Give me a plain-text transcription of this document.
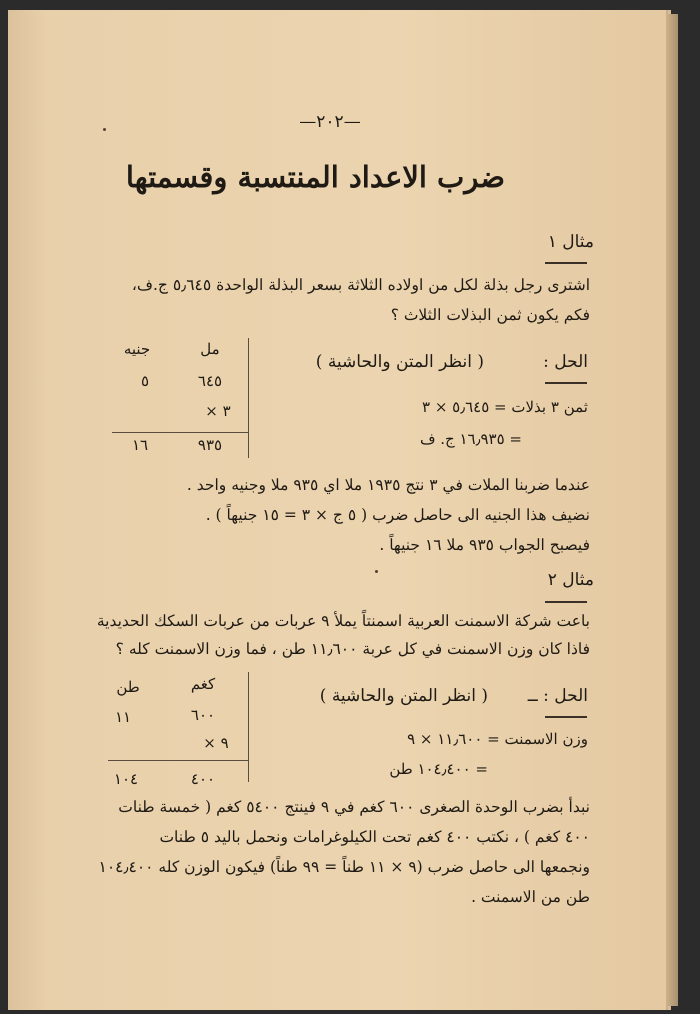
—٢٠٢—
ضرب الاعداد المنتسبة وقسمتها
مثال ١
اشترى رجل بذلة لكل من اولاده الثلاثة بسعر البذلة الواحدة ٥٫٦٤٥ ج.ف،
فكم يكون ثمن البذلات الثلاث ؟
مل
جنيه
٦٤٥
٥
× ٣
٩٣٥
١٦
الحل :
( انظر المتن والحاشية )
ثمن ٣ بذلات = ٥٫٦٤٥ × ٣
= ١٦٫٩٣٥ ج. ف
عندما ضربنا الملات في ٣ نتج ١٩٣٥ ملا اي ٩٣٥ ملا وجنيه واحد .
نضيف هذا الجنيه الى حاصل ضرب ( ٥ ج × ٣ = ١٥ جنيهاً ) .
فيصبح الجواب ٩٣٥ ملا ١٦ جنيهاً .
مثال ٢
باعت شركة الاسمنت العربية اسمنتاً يملأ ٩ عربات من عربات السكك الحديدية
فاذا كان وزن الاسمنت في كل عربة ١١٫٦٠٠ طن ، فما وزن الاسمنت كله ؟
كغم
طن
٦٠٠
١١
× ٩
٤٠٠
١٠٤
الحل : ــ
( انظر المتن والحاشية )
وزن الاسمنت = ١١٫٦٠٠ × ٩
= ١٠٤٫٤٠٠ طن
نبدأ بضرب الوحدة الصغرى ٦٠٠ كغم في ٩ فينتج ٥٤٠٠ كغم ( خمسة طنات
٤٠٠ كغم ) ، نكتب ٤٠٠ كغم تحت الكيلوغرامات ونحمل باليد ٥ طنات
ونجمعها الى حاصل ضرب (٩ × ١١ طناً = ٩٩ طناً) فيكون الوزن كله ١٠٤٫٤٠٠
طن من الاسمنت .
